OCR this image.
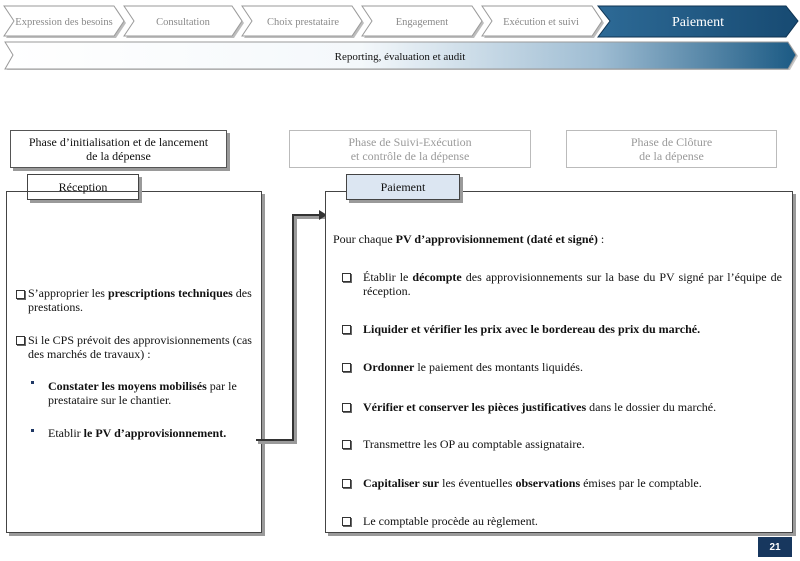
Expression des besoins	Consultation	Choix prestataire	Engagement	Exécution et suivi	Paiement
Reporting, évaluation et audit
Phase d’initialisation et de lancement
de la dépense
Phase de Suivi-Exécution
et contrôle de la dépense
Phase de Clôture
de la dépense
Réception
S’approprier les prescriptions techniques des prestations.
Si le CPS prévoit des approvisionnements (cas des marchés de travaux) :
Constater les moyens mobilisés par le prestataire sur le chantier.
Etablir le PV d’approvisionnement.
Paiement
Pour chaque PV d’approvisionnement (daté et signé) :
Établir le décompte des approvisionnements sur la base du PV signé par l’équipe de réception.
Liquider et vérifier les prix avec le bordereau des prix du marché.
Ordonner le paiement des montants liquidés.
Vérifier et conserver les pièces justificatives dans le dossier du marché.
Transmettre les OP au comptable assignataire.
Capitaliser sur les éventuelles observations émises par le comptable.
Le comptable procède au règlement.
21
